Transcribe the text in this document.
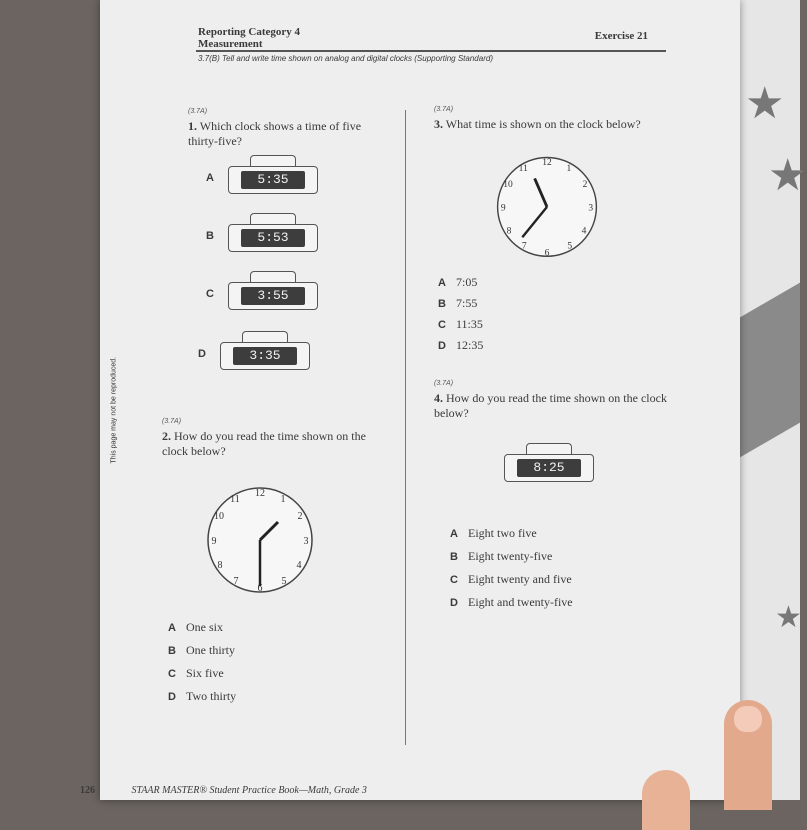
★
★
★
This page may not be reproduced.
Reporting Category 4
Measurement
Exercise 21
3.7(B) Tell and write time shown on analog and digital clocks (Supporting Standard)
(3.7A)
1. Which clock shows a time of five thirty-five?
A	5:35
B	5:53
C	3:55
D	3:35
(3.7A)
2. How do you read the time shown on the clock below?
12
1
2
3
4
5
6
7
8
9
10
11
A One six
B One thirty
C Six five
D Two thirty
(3.7A)
3. What time is shown on the clock below?
12
1
2
3
4
5
6
7
8
9
10
11
A 7:05
B 7:55
C 11:35
D 12:35
(3.7A)
4. How do you read the time shown on the clock below?
8:25
A Eight two five
B Eight twenty-five
C Eight twenty and five
D Eight and twenty-five
126	STAAR MASTER® Student Practice Book—Math, Grade 3
